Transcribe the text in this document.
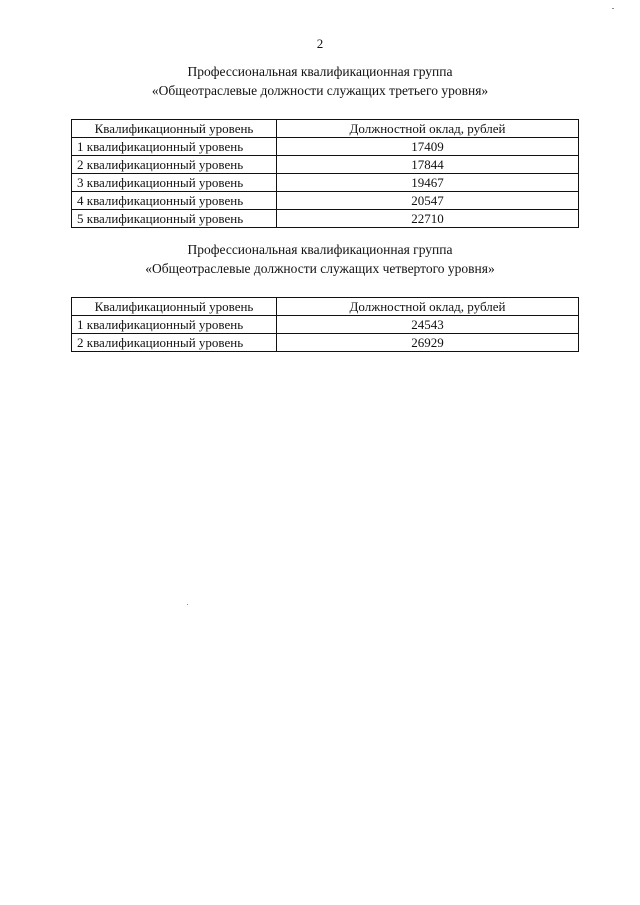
2
Профессиональная квалификационная группа
«Общеотраслевые должности служащих третьего уровня»
Квалификационный уровень	Должностной оклад, рублей
1 квалификационный уровень	17409
2 квалификационный уровень	17844
3 квалификационный уровень	19467
4 квалификационный уровень	20547
5 квалификационный уровень	22710
Профессиональная квалификационная группа
«Общеотраслевые должности служащих четвертого уровня»
Квалификационный уровень	Должностной оклад, рублей
1 квалификационный уровень	24543
2 квалификационный уровень	26929
